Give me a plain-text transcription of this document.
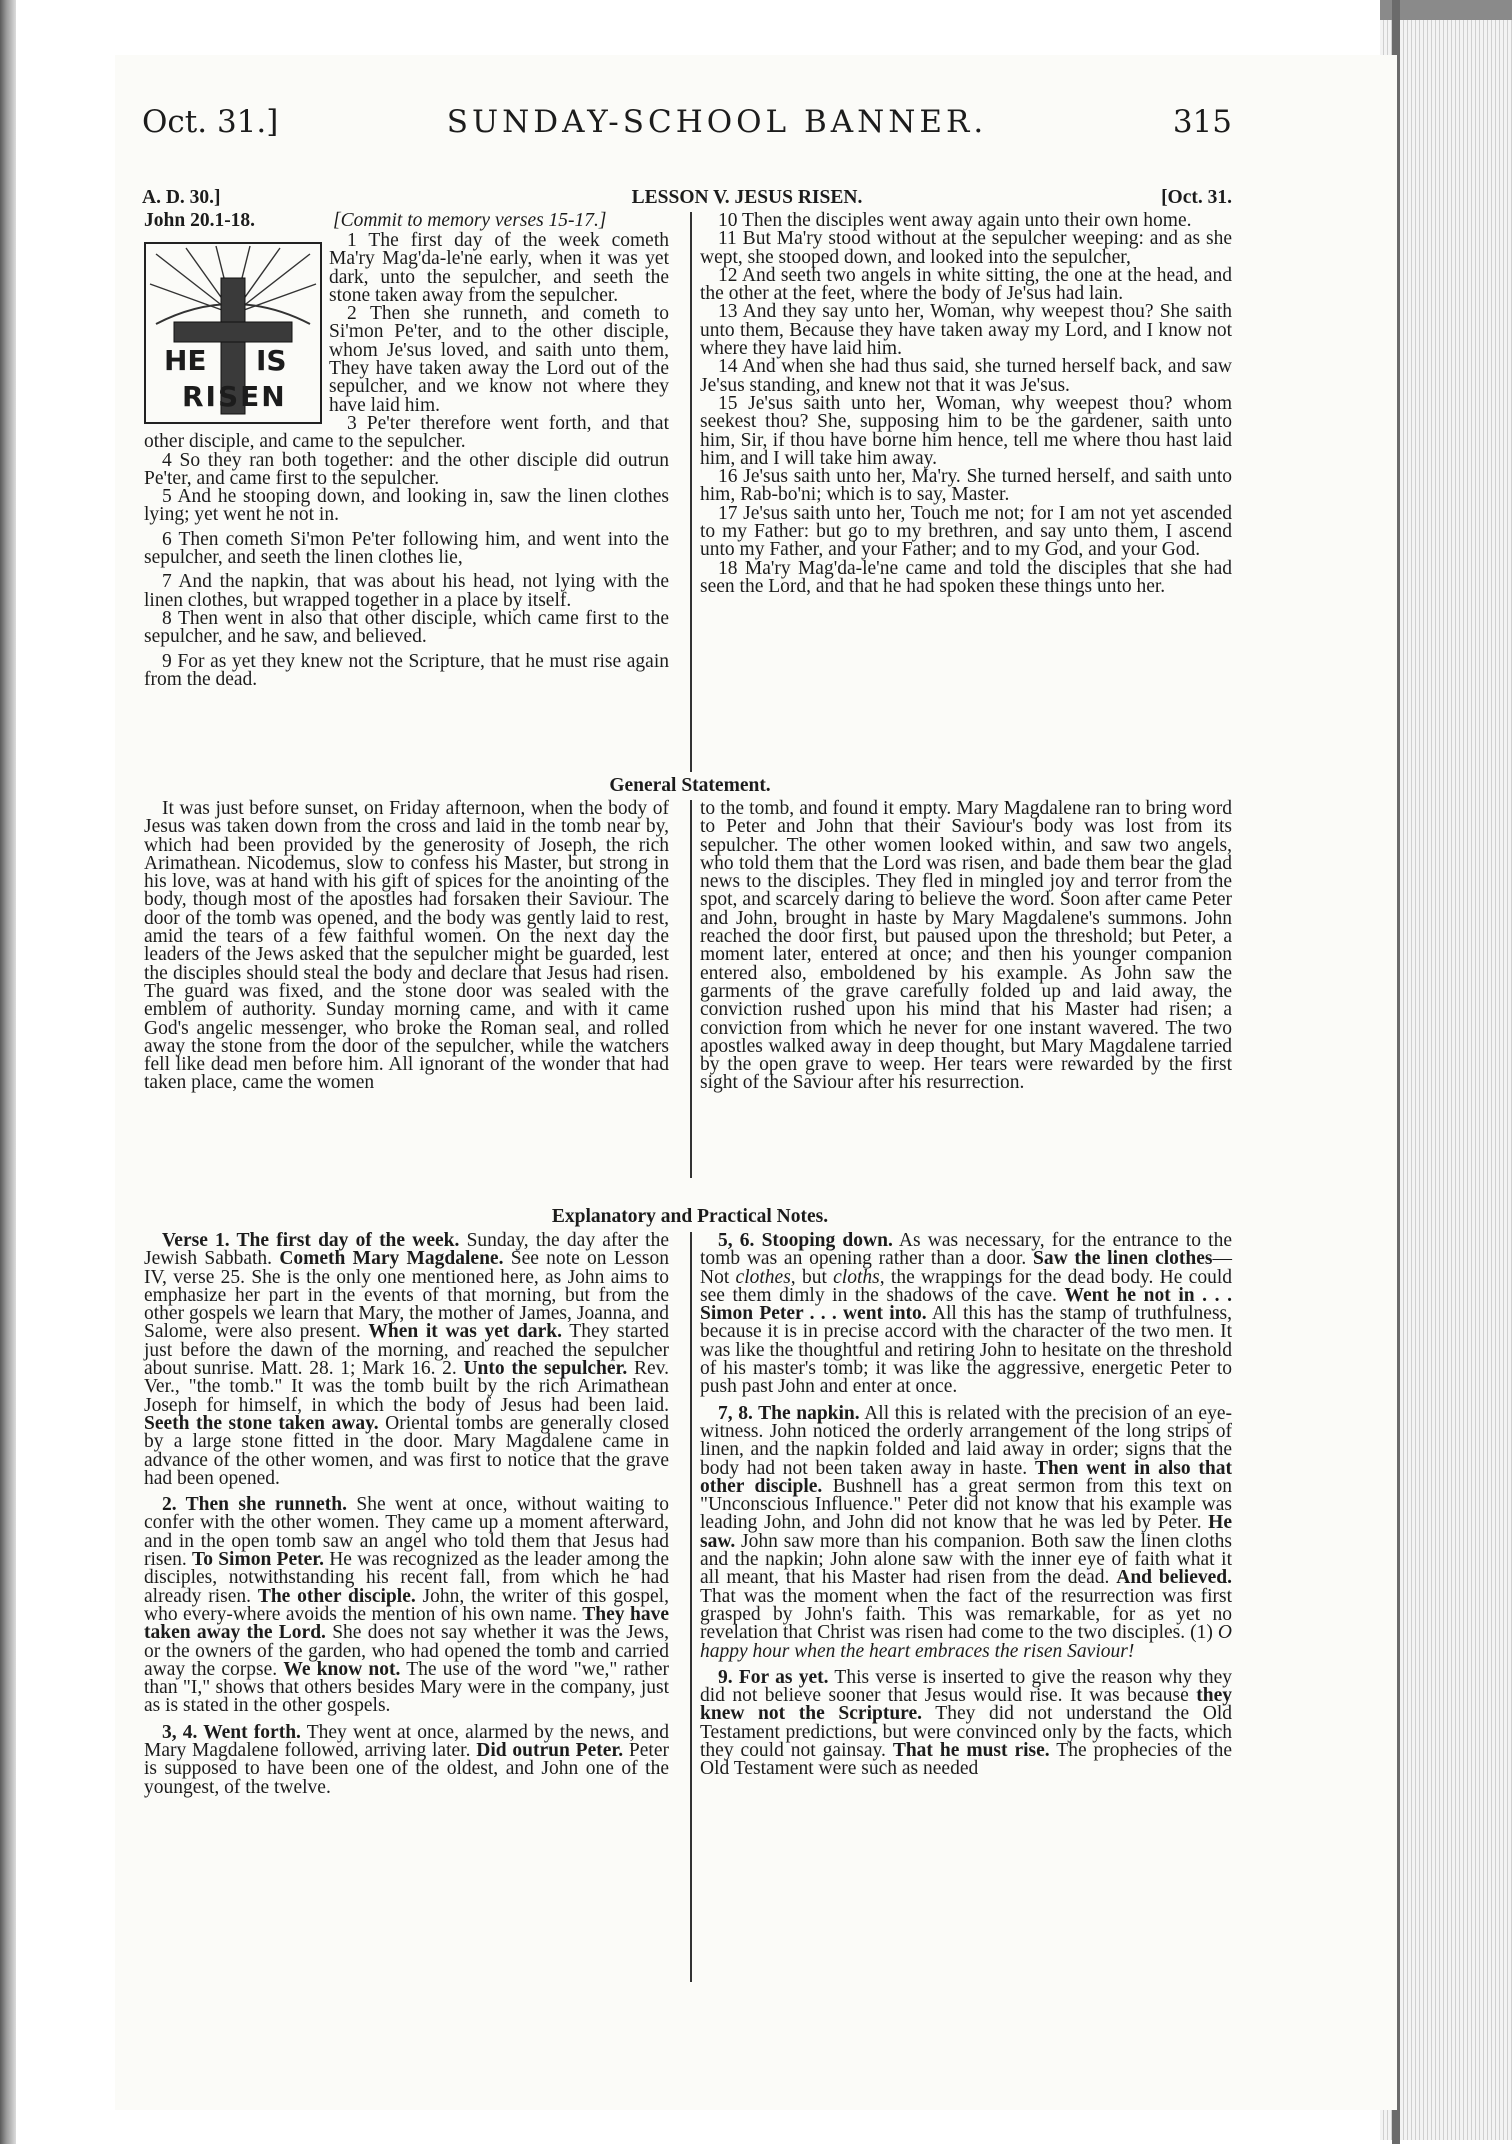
Oct. 31.]	SUNDAY-SCHOOL BANNER.	315
A. D. 30.]	LESSON V. JESUS RISEN.	[Oct. 31.
John 20.1-18.	[Commit to memory verses 15-17.]
HE IS
RISEN

1 The first day of the week cometh Ma'ry Mag'da-le'ne early, when it was yet dark, unto the sepulcher, and seeth the stone taken away from the sepulcher.

2 Then she runneth, and cometh to Si'mon Pe'ter, and to the other disciple, whom Je'sus loved, and saith unto them, They have taken away the Lord out of the sepulcher, and we know not where they have laid him.

3 Pe'ter therefore went forth, and that other disciple, and came to the sepulcher.

4 So they ran both together: and the other disciple did outrun Pe'ter, and came first to the sepulcher.

5 And he stooping down, and looking in, saw the linen clothes lying; yet went he not in.

6 Then cometh Si'mon Pe'ter following him, and went into the sepulcher, and seeth the linen clothes lie,

7 And the napkin, that was about his head, not lying with the linen clothes, but wrapped together in a place by itself.

8 Then went in also that other disciple, which came first to the sepulcher, and he saw, and believed.

9 For as yet they knew not the Scripture, that he must rise again from the dead.

10 Then the disciples went away again unto their own home.

11 But Ma'ry stood without at the sepulcher weeping: and as she wept, she stooped down, and looked into the sepulcher,

12 And seeth two angels in white sitting, the one at the head, and the other at the feet, where the body of Je'sus had lain.

13 And they say unto her, Woman, why weepest thou? She saith unto them, Because they have taken away my Lord, and I know not where they have laid him.

14 And when she had thus said, she turned herself back, and saw Je'sus standing, and knew not that it was Je'sus.

15 Je'sus saith unto her, Woman, why weepest thou? whom seekest thou? She, supposing him to be the gardener, saith unto him, Sir, if thou have borne him hence, tell me where thou hast laid him, and I will take him away.

16 Je'sus saith unto her, Ma'ry. She turned herself, and saith unto him, Rab-bo'ni; which is to say, Master.

17 Je'sus saith unto her, Touch me not; for I am not yet ascended to my Father: but go to my brethren, and say unto them, I ascend unto my Father, and your Father; and to my God, and your God.

18 Ma'ry Mag'da-le'ne came and told the disciples that she had seen the Lord, and that he had spoken these things unto her.

General Statement.

It was just before sunset, on Friday afternoon, when the body of Jesus was taken down from the cross and laid in the tomb near by, which had been provided by the generosity of Joseph, the rich Arimathean. Nicodemus, slow to confess his Master, but strong in his love, was at hand with his gift of spices for the anointing of the body, though most of the apostles had forsaken their Saviour. The door of the tomb was opened, and the body was gently laid to rest, amid the tears of a few faithful women. On the next day the leaders of the Jews asked that the sepulcher might be guarded, lest the disciples should steal the body and declare that Jesus had risen. The guard was fixed, and the stone door was sealed with the emblem of authority. Sunday morning came, and with it came God's angelic messenger, who broke the Roman seal, and rolled away the stone from the door of the sepulcher, while the watchers fell like dead men before him. All ignorant of the wonder that had taken place, came the women

to the tomb, and found it empty. Mary Magdalene ran to bring word to Peter and John that their Saviour's body was lost from its sepulcher. The other women looked within, and saw two angels, who told them that the Lord was risen, and bade them bear the glad news to the disciples. They fled in mingled joy and terror from the spot, and scarcely daring to believe the word. Soon after came Peter and John, brought in haste by Mary Magdalene's summons. John reached the door first, but paused upon the threshold; but Peter, a moment later, entered at once; and then his younger companion entered also, emboldened by his example. As John saw the garments of the grave carefully folded up and laid away, the conviction rushed upon his mind that his Master had risen; a conviction from which he never for one instant wavered. The two apostles walked away in deep thought, but Mary Magdalene tarried by the open grave to weep. Her tears were rewarded by the first sight of the Saviour after his resurrection.

Explanatory and Practical Notes.

Verse 1. The first day of the week. Sunday, the day after the Jewish Sabbath. Cometh Mary Magdalene. See note on Lesson IV, verse 25. She is the only one mentioned here, as John aims to emphasize her part in the events of that morning, but from the other gospels we learn that Mary, the mother of James, Joanna, and Salome, were also present. When it was yet dark. They started just before the dawn of the morning, and reached the sepulcher about sunrise. Matt. 28. 1; Mark 16. 2. Unto the sepulcher. Rev. Ver., "the tomb." It was the tomb built by the rich Arimathean Joseph for himself, in which the body of Jesus had been laid. Seeth the stone taken away. Oriental tombs are generally closed by a large stone fitted in the door. Mary Magdalene came in advance of the other women, and was first to notice that the grave had been opened.

2. Then she runneth. She went at once, without waiting to confer with the other women. They came up a moment afterward, and in the open tomb saw an angel who told them that Jesus had risen. To Simon Peter. He was recognized as the leader among the disciples, notwithstanding his recent fall, from which he had already risen. The other disciple. John, the writer of this gospel, who every-where avoids the mention of his own name. They have taken away the Lord. She does not say whether it was the Jews, or the owners of the garden, who had opened the tomb and carried away the corpse. We know not. The use of the word "we," rather than "I," shows that others besides Mary were in the company, just as is stated in the other gospels.

3, 4. Went forth. They went at once, alarmed by the news, and Mary Magdalene followed, arriving later. Did outrun Peter. Peter is supposed to have been one of the oldest, and John one of the youngest, of the twelve.

5, 6. Stooping down. As was necessary, for the entrance to the tomb was an opening rather than a door. Saw the linen clothes—Not clothes, but cloths, the wrappings for the dead body. He could see them dimly in the shadows of the cave. Went he not in . . . Simon Peter . . . went into. All this has the stamp of truthfulness, because it is in precise accord with the character of the two men. It was like the thoughtful and retiring John to hesitate on the threshold of his master's tomb; it was like the aggressive, energetic Peter to push past John and enter at once.

7, 8. The napkin. All this is related with the precision of an eye-witness. John noticed the orderly arrangement of the long strips of linen, and the napkin folded and laid away in order; signs that the body had not been taken away in haste. Then went in also that other disciple. Bushnell has a great sermon from this text on "Unconscious Influence." Peter did not know that his example was leading John, and John did not know that he was led by Peter. He saw. John saw more than his companion. Both saw the linen cloths and the napkin; John alone saw with the inner eye of faith what it all meant, that his Master had risen from the dead. And believed. That was the moment when the fact of the resurrection was first grasped by John's faith. This was remarkable, for as yet no revelation that Christ was risen had come to the two disciples. (1) O happy hour when the heart embraces the risen Saviour!

9. For as yet. This verse is inserted to give the reason why they did not believe sooner that Jesus would rise. It was because they knew not the Scripture. They did not understand the Old Testament predictions, but were convinced only by the facts, which they could not gainsay. That he must rise. The prophecies of the Old Testament were such as needed
